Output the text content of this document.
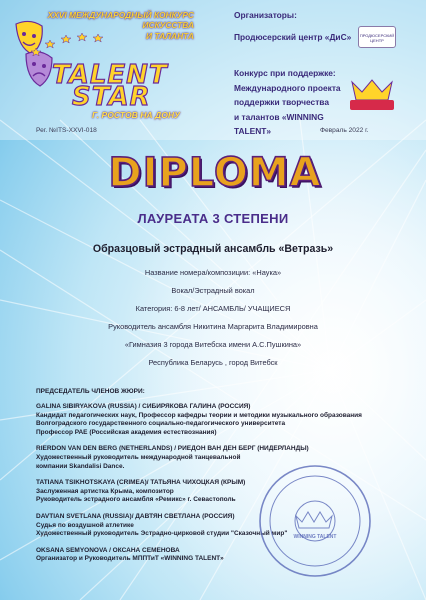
XXVI МЕЖДУНАРОДНЫЙ КОНКУРС
ИСКУССТВА
И ТАЛАНТА
TALENT
STAR
Г. РОСТОВ НА ДОНУ
Организаторы:
Продюсерский центр «ДиС»	ПРОДЮСЕРСКИЙ ЦЕНТР
Конкурс при поддержке:
Международного проекта
поддержки творчества
и талантов «WINNING TALENT»
Рег. №ITS-XXVI-018	Февраль 2022 г.
DIPLOMA
ЛАУРЕАТА 3 СТЕПЕНИ
Образцовый эстрадный ансамбль «Ветразь»
Название номера/композиции: «Наука»
Вокал/Эстрадный вокал
Категория: 6-8 лет/ АНСАМБЛЬ/ УЧАЩИЕСЯ
Руководитель ансамбля Никитина Маргарита Владимировна
«Гимназия 3 города Витебска имени А.С.Пушкина»
Республика Беларусь , город Витебск
ПРЕДСЕДАТЕЛЬ ЧЛЕНОВ ЖЮРИ:
GALINA SIBIRYAKOVA (RUSSIA) / СИБИРЯКОВА ГАЛИНА (РОССИЯ)
Кандидат педагогических наук, Профессор кафедры теории и методики музыкального образования
Волгоградского государственного социально-педагогического университета
Профессор РАЕ (Российская академия естествознания)
RIERDON VAN DEN BERG (NETHERLANDS) / РИЕДОН ВАН ДЕН БЕРГ (НИДЕРЛАНДЫ)
Художественный руководитель международной танцевальной
компании Skandalisi Dance.
TATIANA TSIKHOTSKAYA (CRIMEA)/ ТАТЬЯНА ЧИХОЦКАЯ (КРЫМ)
Заслуженная артистка Крыма, композитор
Руководитель эстрадного ансамбля «Ремикс» г. Севастополь
DAVTIAN SVETLANA (RUSSIA)/ ДАВТЯН СВЕТЛАНА (РОССИЯ)
Судья по воздушной атлетике
Художественный руководитель Эстрадно-цирковой студии "Сказочный мир"
OKSANA SEMYONOVA / ОКСАНА СЕМЕНОВА
Организатор и Руководитель МППТиТ «WINNING TALENT»
WINNING TALENT
